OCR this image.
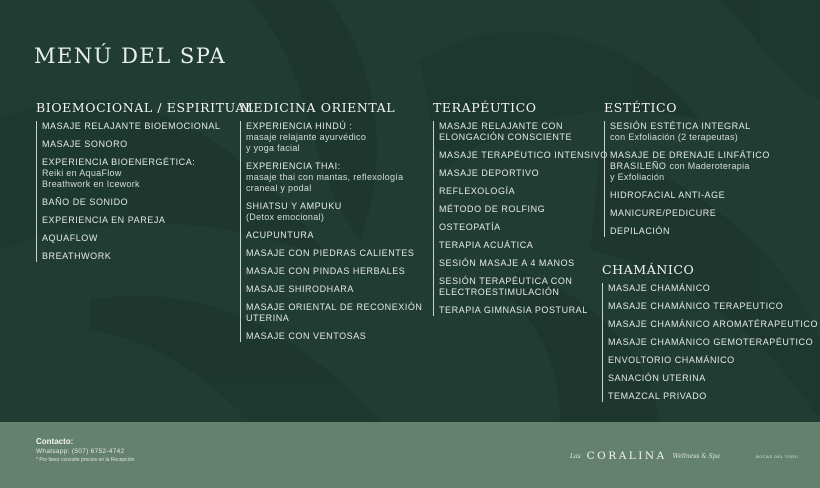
MENÚ DEL SPA
BIOEMOCIONAL / ESPIRITUAL
MASAJE RELAJANTE BIOEMOCIONAL
MASAJE SONORO
EXPERIENCIA BIOENERGÉTICA:
Reiki en AquaFlow
Breathwork en Icework
BAÑO DE SONIDO
EXPERIENCIA EN PAREJA
AQUAFLOW
BREATHWORK
MEDICINA ORIENTAL
EXPERIENCIA HINDÚ :
masaje relajante ayurvédico
y yoga facial
EXPERIENCIA THAI:
masaje thai con mantas, reflexología
craneal y podal
SHIATSU Y AMPUKU
(Detox emocional)
ACUPUNTURA
MASAJE CON PIEDRAS CALIENTES
MASAJE CON PINDAS HERBALES
MASAJE SHIRODHARA
MASAJE ORIENTAL DE RECONEXIÓN
UTERINA
MASAJE CON VENTOSAS
TERAPÉUTICO
MASAJE RELAJANTE CON
ELONGACIÓN CONSCIENTE
MASAJE TERAPÉUTICO INTENSIVO
MASAJE DEPORTIVO
REFLEXOLOGÍA
MÉTODO DE ROLFING
OSTEOPATÍA
TERAPIA ACUÁTICA
SESIÓN MASAJE A 4 MANOS
SESIÓN TERAPÉUTICA CON
ELECTROESTIMULACIÓN
TERAPIA GIMNASIA POSTURAL
ESTÉTICO
SESIÓN ESTÉTICA INTEGRAL
con Exfoliación (2 terapeutas)
MASAJE DE DRENAJE LINFÁTICO
BRASILEÑO con Maderoterapia
y Exfoliación
HIDROFACIAL ANTI-AGE
MANICURE/PEDICURE
DEPILACIÓN
CHAMÁNICO
MASAJE CHAMÁNICO
MASAJE CHAMÁNICO TERAPEUTICO
MASAJE CHAMÁNICO AROMATÉRAPEUTICO
MASAJE CHAMÁNICO GEMOTERAPÉUTICO
ENVOLTORIO CHAMÁNICO
SANACIÓN UTERINA
TEMAZCAL PRIVADO
Contacto:
Whatsapp: (507) 6752-4742
* Por favor consulte precios en la Recepción
Las CORALINA Wellness & Spa	BOCAS DEL TORO
